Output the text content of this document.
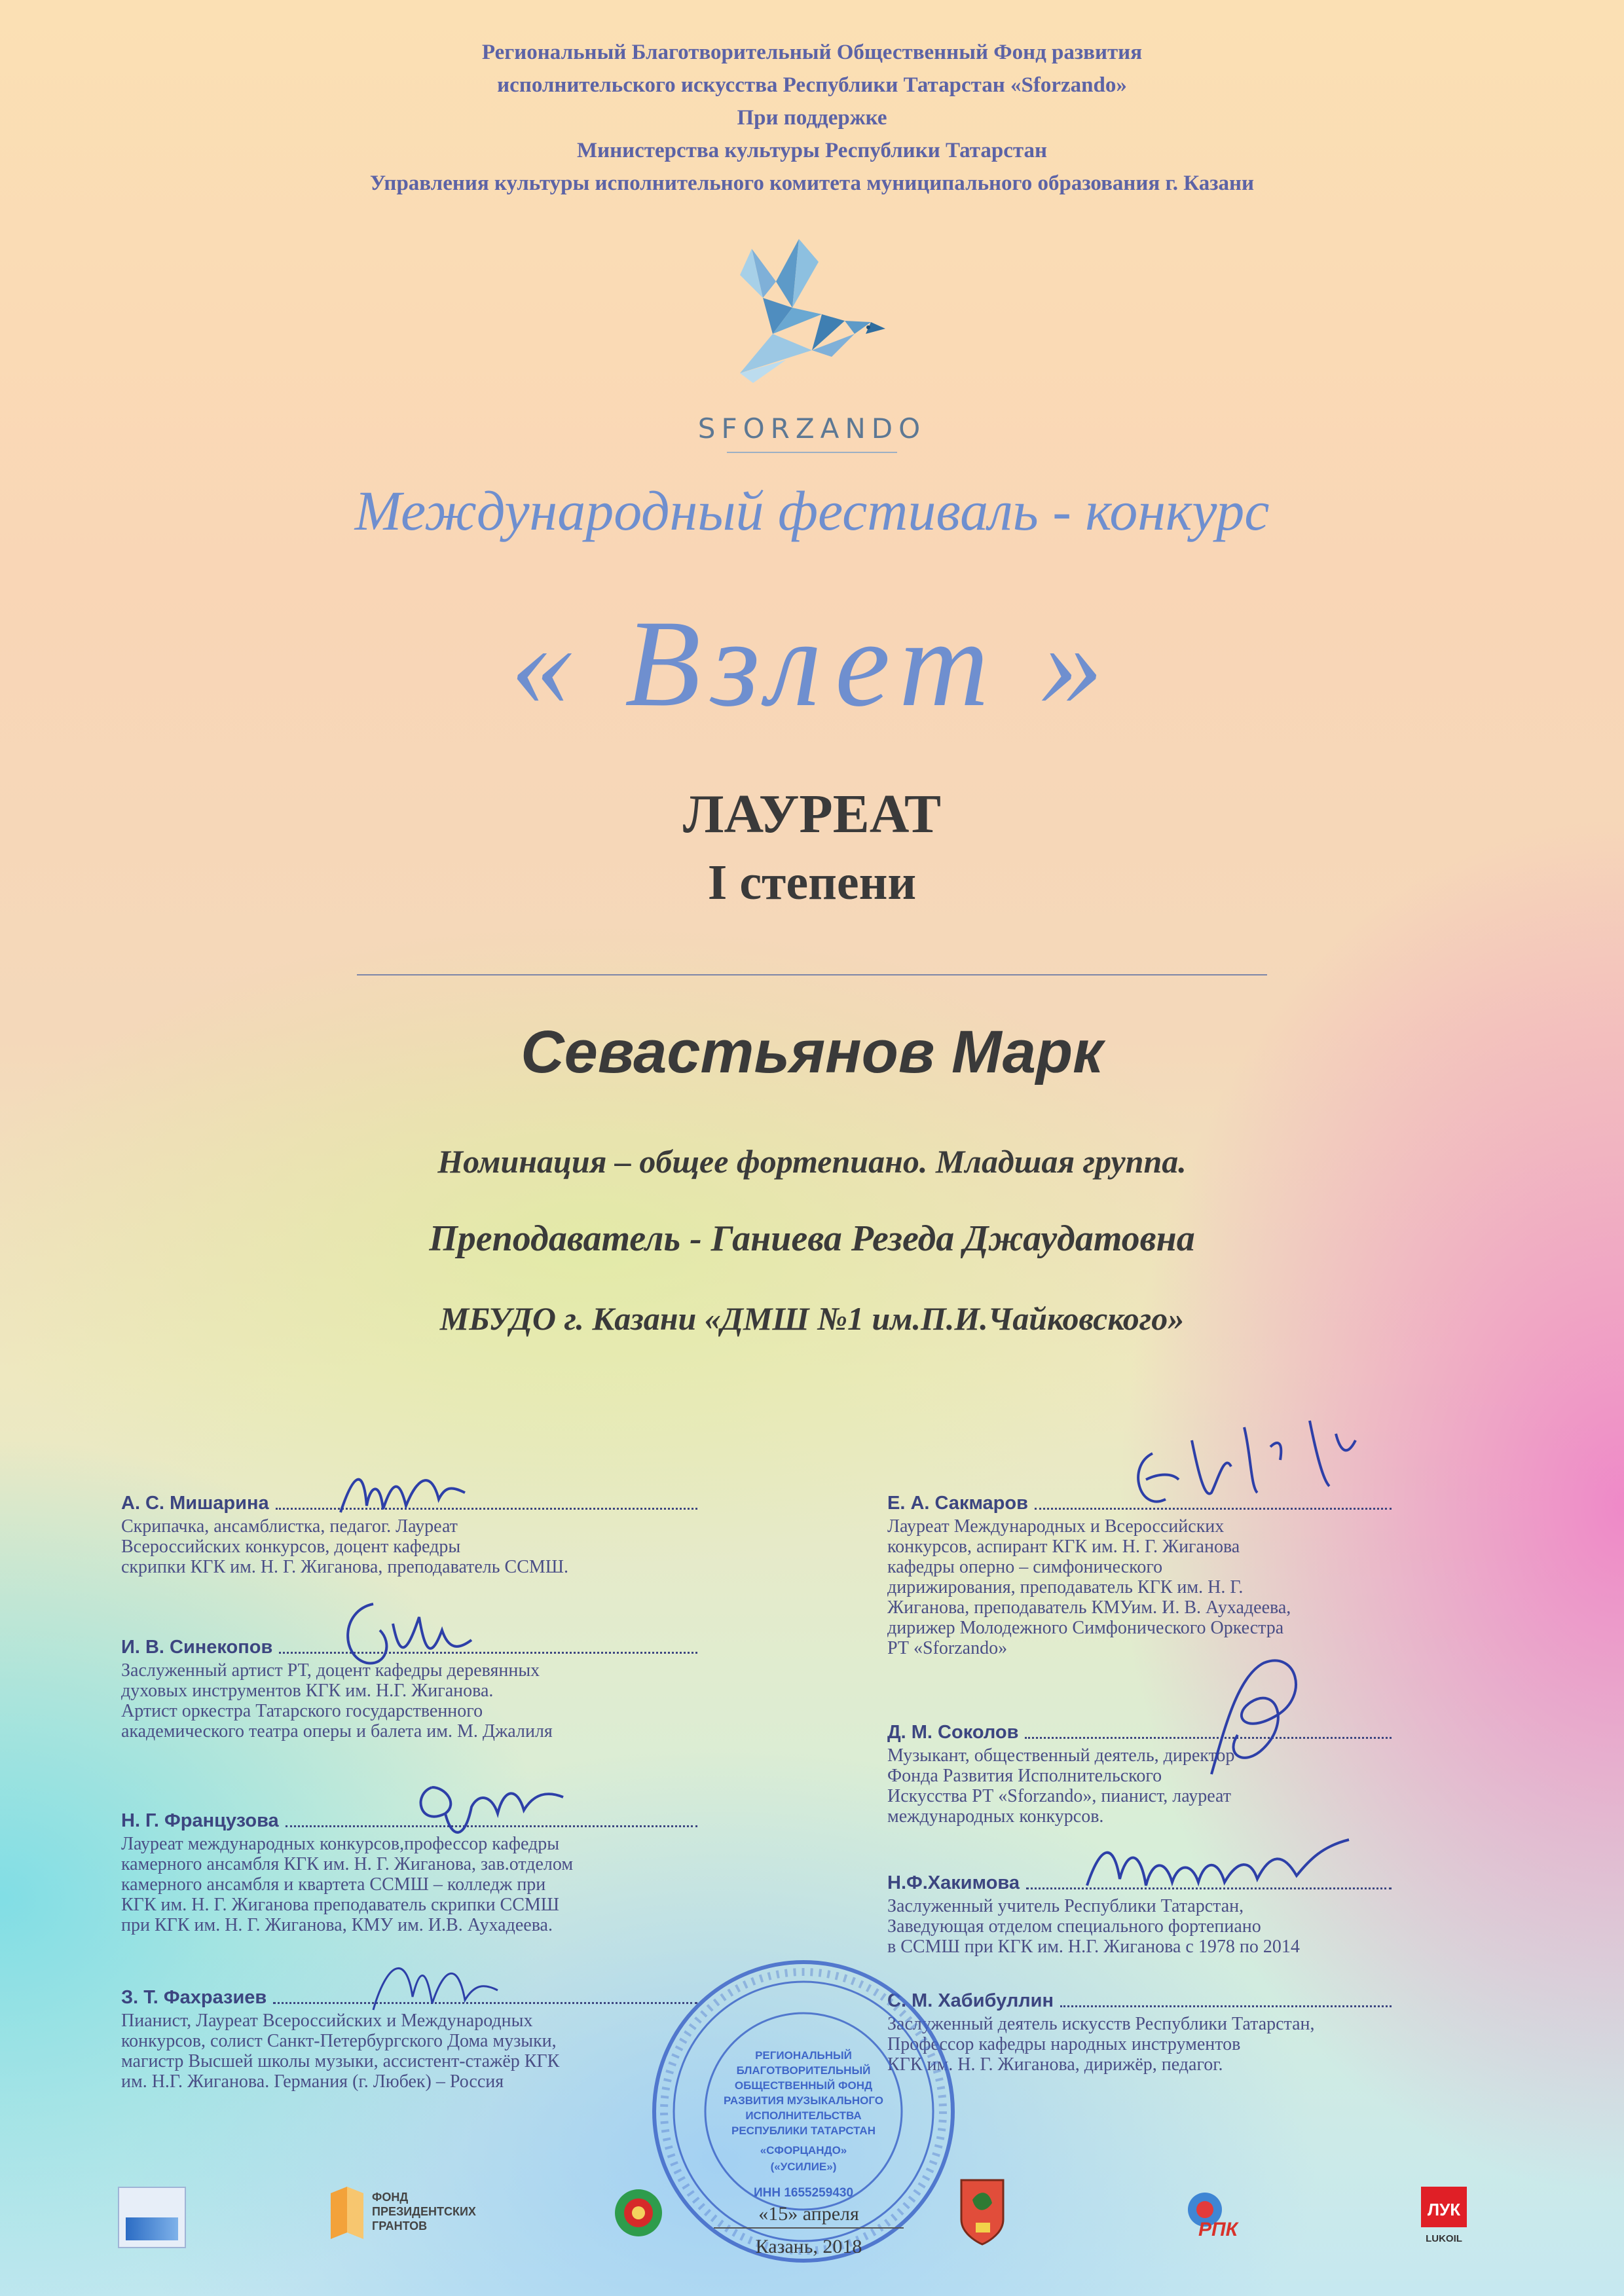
Региональный Благотворительный Общественный Фонд развития
исполнительского искусства Республики Татарстан «Sforzando»
При поддержке
Министерства культуры Республики Татарстан
Управления культуры исполнительного комитета муниципального образования г. Казани
SFORZANDO
Международный фестиваль - конкурс
« Взлет »
ЛАУРЕАТ
I степени
Севастьянов Марк
Номинация – общее фортепиано. Младшая группа.
Преподаватель - Ганиева Резеда Джаудатовна
МБУДО г. Казани «ДМШ №1 им.П.И.Чайковского»
А. С. Мишарина
Скрипачка, ансамблистка, педагог. Лауреат
Всероссийских конкурсов, доцент кафедры
скрипки КГК им. Н. Г. Жиганова, преподаватель ССМШ.
И. В. Синекопов
Заслуженный артист РТ, доцент кафедры деревянных
духовых инструментов КГК им. Н.Г. Жиганова.
Артист оркестра Татарского государственного
академического театра оперы и балета им. М. Джалиля
Н. Г. Французова
Лауреат международных конкурсов,профессор кафедры
камерного ансамбля КГК им. Н. Г. Жиганова, зав.отделом
камерного ансамбля и квартета ССМШ – колледж при
КГК им. Н. Г. Жиганова преподаватель скрипки ССМШ
при КГК им. Н. Г. Жиганова, КМУ им. И.В. Аухадеева.
З. Т. Фахразиев
Пианист, Лауреат Всероссийских и Международных
конкурсов, солист Санкт-Петербургского Дома музыки,
магистр Высшей школы музыки, ассистент-стажёр КГК
им. Н.Г. Жиганова. Германия (г. Любек) – Россия
Е. А. Сакмаров
Лауреат Международных и Всероссийских
конкурсов, аспирант КГК им. Н. Г. Жиганова
кафедры оперно – симфонического
дирижирования, преподаватель КГК им. Н. Г.
Жиганова, преподаватель КМУим. И. В. Аухадеева,
дирижер Молодежного Симфонического Оркестра
РТ «Sforzando»
Д. М. Соколов
Музыкант, общественный деятель, директор
Фонда Развития Исполнительского
Искусства РТ «Sforzando», пианист, лауреат
международных конкурсов.
Н.Ф.Хакимова
Заслуженный учитель Республики Татарстан,
Заведующая отделом специального фортепиано
в ССМШ при КГК им. Н.Г. Жиганова с 1978 по 2014
С. М. Хабибуллин
Заслуженный деятель искусств Республики Татарстан,
Профессор кафедры народных инструментов
КГК им. Н. Г. Жиганова, дирижёр, педагог.
РЕГИОНАЛЬНЫЙ
БЛАГОТВОРИТЕЛЬНЫЙ
ОБЩЕСТВЕННЫЙ ФОНД
РАЗВИТИЯ МУЗЫКАЛЬНОГО
ИСПОЛНИТЕЛЬСТВА
РЕСПУБЛИКИ ТАТАРСТАН
«СФОРЦАНДО»
(«УСИЛИЕ»)
ИНН 1655259430
«15» апреля
Казань, 2018
ФОНД
ПРЕЗИДЕНТСКИХ
ГРАНТОВ	РПК
ЛУК
LUKOIL
